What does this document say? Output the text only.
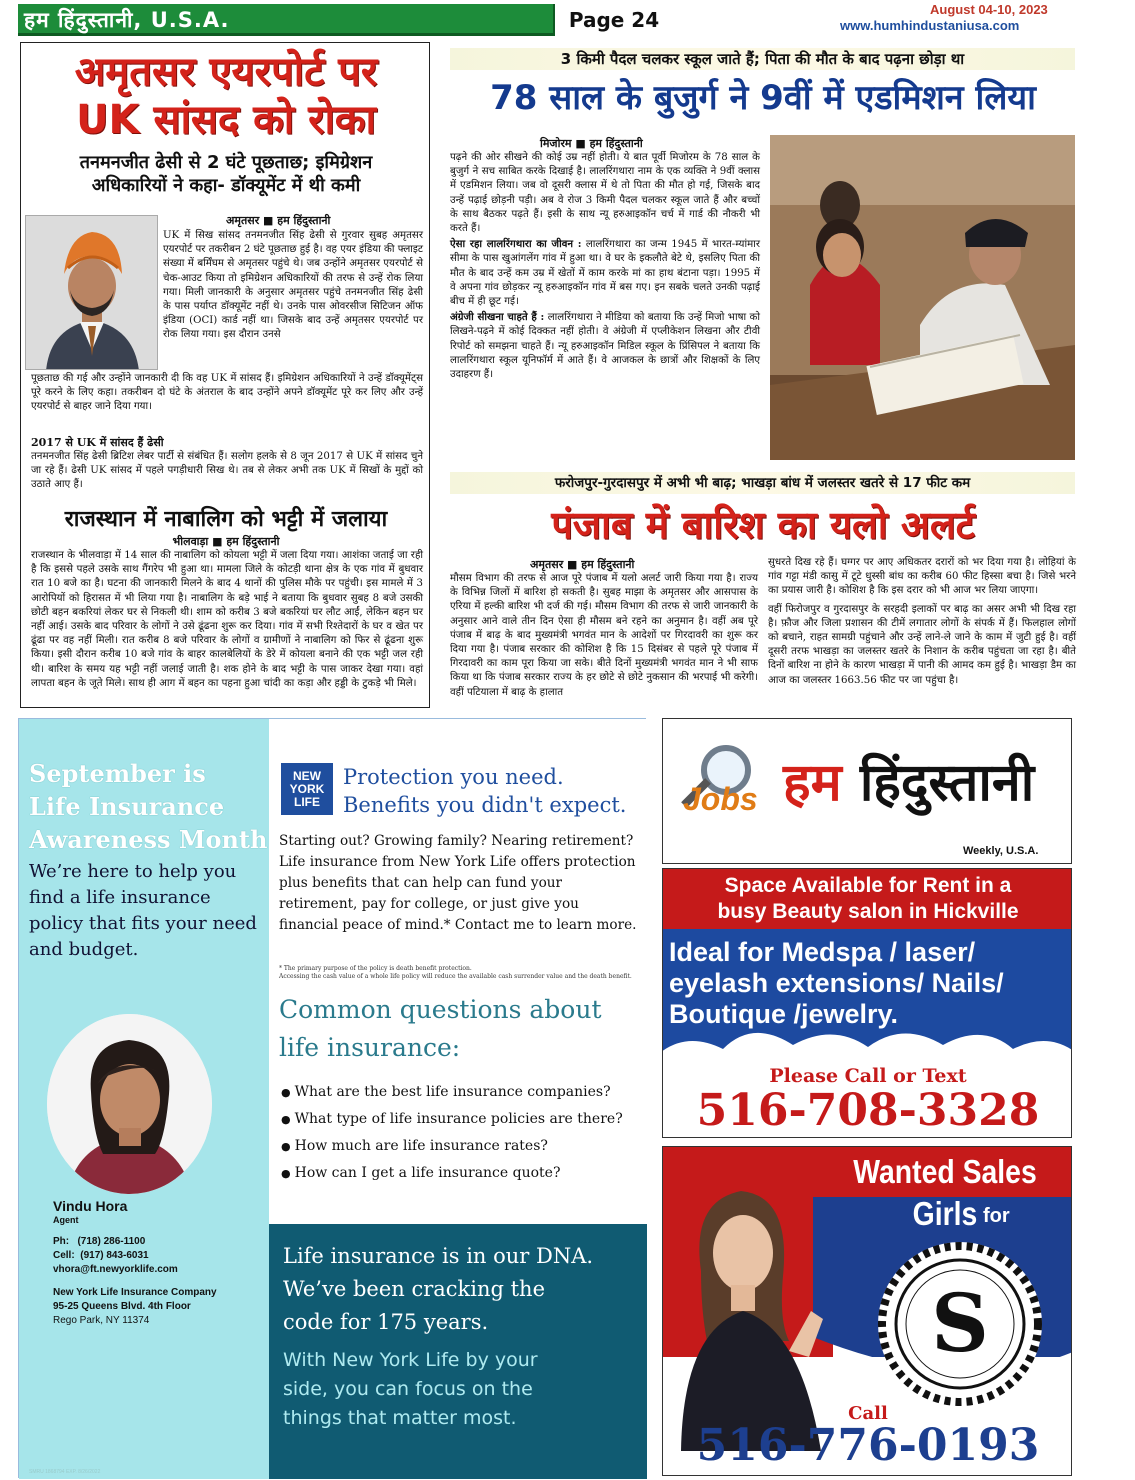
हम हिंदुस्तानी, U.S.A.	Page 24	August 04-10, 2023
www.humhindustaniusa.com
अमृतसर एयरपोर्ट पर
UK सांसद को रोका
तनमनजीत ढेसी से 2 घंटे पूछताछ; इमिग्रेशन
अधिकारियों ने कहा- डॉक्यूमेंट में थी कमी
अमृतसर ■ हम हिंदुस्तानी

UK में सिख सांसद तनमनजीत सिंह ढेसी से गुरवार सुबह अमृतसर एयरपोर्ट पर तकरीबन 2 घंटे पूछताछ हुई है। वह एयर इंडिया की फ्लाइट संख्या में बर्मिंघम से अमृतसर पहुंचे थे। जब उन्होंने अमृतसर एयरपोर्ट से चेक-आउट किया तो इमिग्रेशन अधिकारियों की तरफ से उन्हें रोक लिया गया। मिली जानकारी के अनुसार अमृतसर पहुंचे तनमनजीत सिंह ढेसी के पास पर्याप्त डॉक्यूमेंट नहीं थे। उनके पास ओवरसीज सिटिजन ऑफ इंडिया (OCI) कार्ड नहीं था। जिसके बाद उन्हें अमृतसर एयरपोर्ट पर रोक लिया गया। इस दौरान उनसे

पूछताछ की गई और उन्होंने जानकारी दी कि वह UK में सांसद हैं। इमिग्रेशन अधिकारियों ने उन्हें डॉक्यूमेंट्स पूरे करने के लिए कहा। तकरीबन दो घंटे के अंतराल के बाद उन्होंने अपने डॉक्यूमेंट पूरे कर लिए और उन्हें एयरपोर्ट से बाहर जाने दिया गया।

2017 से UK में सांसद हैं ढेसी

तनमनजीत सिंह ढेसी ब्रिटिश लेबर पार्टी से संबंधित हैं। सलोग हलके से 8 जून 2017 से UK में सांसद चुने जा रहे हैं। ढेसी UK सांसद में पहले पगड़ीधारी सिख थे। तब से लेकर अभी तक UK में सिखों के मुद्दों को उठाते आए हैं।

राजस्थान में नाबालिग को भट्टी में जलाया
भीलवाड़ा ■ हम हिंदुस्तानी

राजस्थान के भीलवाड़ा में 14 साल की नाबालिग को कोयला भट्टी में जला दिया गया। आशंका जताई जा रही है कि इससे पहले उसके साथ गैंगरेप भी हुआ था। मामला जिले के कोटड़ी थाना क्षेत्र के एक गांव में बुधवार रात 10 बजे का है। घटना की जानकारी मिलने के बाद 4 थानों की पुलिस मौके पर पहुंची। इस मामले में 3 आरोपियों को हिरासत में भी लिया गया है। नाबालिग के बड़े भाई ने बताया कि बुधवार सुबह 8 बजे उसकी छोटी बहन बकरियां लेकर घर से निकली थी। शाम को करीब 3 बजे बकरियां घर लौट आईं, लेकिन बहन घर नहीं आई। उसके बाद परिवार के लोगों ने उसे ढूंढना शुरू कर दिया। गांव में सभी रिश्तेदारों के घर व खेत पर ढूंढा पर वह नहीं मिली। रात करीब 8 बजे परिवार के लोगों व ग्रामीणों ने नाबालिग को फिर से ढूंढना शुरू किया। इसी दौरान करीब 10 बजे गांव के बाहर कालबेलियों के डेरे में कोयला बनाने की एक भट्टी जल रही थी। बारिश के समय यह भट्टी नहीं जलाई जाती है। शक होने के बाद भट्टी के पास जाकर देखा गया। वहां लापता बहन के जूते मिले। साथ ही आग में बहन का पहना हुआ चांदी का कड़ा और हड्डी के टुकड़े भी मिले।

3 किमी पैदल चलकर स्कूल जाते हैं; पिता की मौत के बाद पढ़ना छोड़ा था
78 साल के बुजुर्ग ने 9वीं में एडमिशन लिया
मिजोरम ■ हम हिंदुस्तानी

पढ़ने की ओर सीखने की कोई उम्र नहीं होती। ये बात पूर्वी मिजोरम के 78 साल के बुजुर्ग ने सच साबित करके दिखाई है। लालरिंगथारा नाम के एक व्यक्ति ने 9वीं क्लास में एडमिशन लिया। जब वो दूसरी क्लास में थे तो पिता की मौत हो गई, जिसके बाद उन्हें पढ़ाई छोड़नी पड़ी। अब वे रोज 3 किमी पैदल चलकर स्कूल जाते हैं और बच्चों के साथ बैठकर पढ़ते हैं। इसी के साथ न्यू हरुआइकॉन चर्च में गार्ड की नौकरी भी करते हैं।

ऐसा रहा लालरिंगथारा का जीवन : लालरिंगथारा का जन्म 1945 में भारत-म्यांमार सीमा के पास खुआंगलेंग गांव में हुआ था। वे घर के इकलौते बेटे थे, इसलिए पिता की मौत के बाद उन्हें कम उम्र में खेतों में काम करके मां का हाथ बंटाना पड़ा। 1995 में वे अपना गांव छोड़कर न्यू हरुआइकॉन गांव में बस गए। इन सबके चलते उनकी पढ़ाई बीच में ही छूट गई।

अंग्रेजी सीखना चाहते हैं : लालरिंगथारा ने मीडिया को बताया कि उन्हें मिजो भाषा को लिखने-पढ़ने में कोई दिक्कत नहीं होती। वे अंग्रेजी में एप्लीकेशन लिखना और टीवी रिपोर्ट को समझना चाहते हैं। न्यू हरुआइकॉन मिडिल स्कूल के प्रिंसिपल ने बताया कि लालरिंगथारा स्कूल यूनिफॉर्म में आते हैं। वे आजकल के छात्रों और शिक्षकों के लिए उदाहरण हैं।

फरोजपुर-गुरदासपुर में अभी भी बाढ़; भाखड़ा बांध में जलस्तर खतरे से 17 फीट कम
पंजाब में बारिश का यलो अलर्ट
अमृतसर ■ हम हिंदुस्तानी

मौसम विभाग की तरफ से आज पूरे पंजाब में यलो अलर्ट जारी किया गया है। राज्य के विभिन्न जिलों में बारिश हो सकती है। सुबह माझा के अमृतसर और आसपास के एरिया में हल्की बारिश भी दर्ज की गई। मौसम विभाग की तरफ से जारी जानकारी के अनुसार आने वाले तीन दिन ऐसा ही मौसम बने रहने का अनुमान है। वहीं अब पूरे पंजाब में बाढ़ के बाद मुख्यमंत्री भगवंत मान के आदेशों पर गिरदावरी का शुरू कर दिया गया है। पंजाब सरकार की कोशिश है कि 15 दिसंबर से पहले पूरे पंजाब में गिरदावरी का काम पूरा किया जा सके। बीते दिनों मुख्यमंत्री भगवंत मान ने भी साफ किया था कि पंजाब सरकार राज्य के हर छोटे से छोटे नुकसान की भरपाई भी करेगी। वहीं पटियाला में बाढ़ के हालात

सुधरते दिख रहे हैं। घग्गर पर आए अधिकतर दरारों को भर दिया गया है। लोहियां के गांव गट्टा मंडी कासु में टूटे धुस्सी बांध का करीब 60 फीट हिस्सा बचा है। जिसे भरने का प्रयास जारी है। कोशिश है कि इस दरार को भी आज भर लिया जाएगा।

वहीं फिरोजपुर व गुरदासपुर के सरहदी इलाकों पर बाढ़ का असर अभी भी दिख रहा है। फ़ौज और जिला प्रशासन की टीमें लगातार लोगों के संपर्क में हैं। फिलहाल लोगों को बचाने, राहत सामग्री पहुंचाने और उन्हें लाने-ले जाने के काम में जुटी हुई है। वहीं दूसरी तरफ भाखड़ा का जलस्तर खतरे के निशान के करीब पहुंचता जा रहा है। बीते दिनों बारिश ना होने के कारण भाखड़ा में पानी की आमद कम हुई है। भाखड़ा डैम का आज का जलस्तर 1663.56 फीट पर जा पहुंचा है।

September is
Life Insurance
Awareness Month
We’re here to help you find a life insurance policy that fits your need and budget.
Vindu Hora
Agent
Ph: (718) 286-1100
Cell: (917) 843-6031
vhora@ft.newyorklife.com
New York Life Insurance Company
95-25 Queens Blvd. 4th Floor
Rego Park, NY 11374
NEW
YORK
LIFE
Protection you need.
Benefits you didn't expect.
Starting out? Growing family? Nearing retirement? Life insurance from New York Life offers protection plus benefits that can help can fund your retirement, pay for college, or just give you financial peace of mind.* Contact me to learn more.
* The primary purpose of the policy is death benefit protection.
Accessing the cash value of a whole life policy will reduce the available cash surrender value and the death benefit.
Common questions about
life insurance:
● What are the best life insurance companies?
● What type of life insurance policies are there?
● How much are life insurance rates?
● How can I get a life insurance quote?
Life insurance is in our DNA.
We’ve been cracking the
code for 175 years.
With New York Life by your
side, you can focus on the
things that matter most.
SMRU 1868794 EXP. 8/26/2022
Jobs हम हिंदुस्तानी
Weekly, U.S.A.
Space Available for Rent in a
busy Beauty salon in Hickville
Ideal for Medspa / laser/
eyelash extensions/ Nails/
Boutique /jewelry.
Please Call or Text
516-708-3328
Wanted Sales Girls for
S
Call
516-776-0193
